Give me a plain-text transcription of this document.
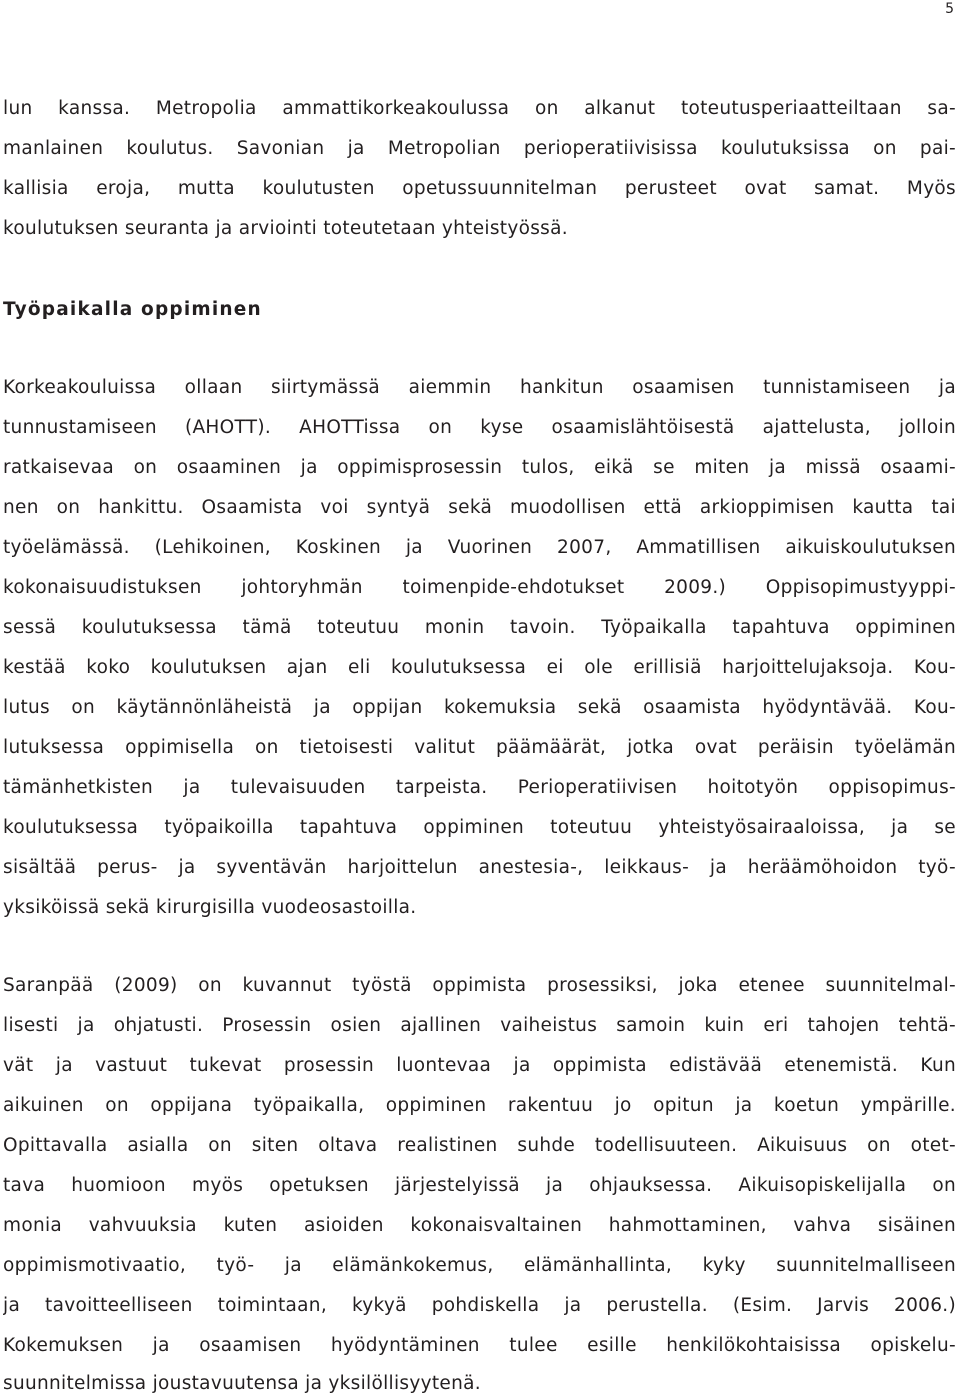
5
lun kanssa. Metropolia ammattikorkeakoulussa on alkanut toteutusperiaatteiltaan sa-
manlainen koulutus. Savonian ja Metropolian perioperatiivisissa koulutuksissa on pai-
kallisia eroja, mutta koulutusten opetussuunnitelman perusteet ovat samat. Myös
koulutuksen seuranta ja arviointi toteutetaan yhteistyössä.
Työpaikalla oppiminen
Korkeakouluissa ollaan siirtymässä aiemmin hankitun osaamisen tunnistamiseen ja
tunnustamiseen (AHOTT). AHOTTissa on kyse osaamislähtöisestä ajattelusta, jolloin
ratkaisevaa on osaaminen ja oppimisprosessin tulos, eikä se miten ja missä osaami-
nen on hankittu. Osaamista voi syntyä sekä muodollisen että arkioppimisen kautta tai
työelämässä. (Lehikoinen, Koskinen ja Vuorinen 2007, Ammatillisen aikuiskoulutuksen
kokonaisuudistuksen johtoryhmän toimenpide-ehdotukset 2009.) Oppisopimustyyppi-
sessä koulutuksessa tämä toteutuu monin tavoin. Työpaikalla tapahtuva oppiminen
kestää koko koulutuksen ajan eli koulutuksessa ei ole erillisiä harjoittelujaksoja. Kou-
lutus on käytännönläheistä ja oppijan kokemuksia sekä osaamista hyödyntävää. Kou-
lutuksessa oppimisella on tietoisesti valitut päämäärät, jotka ovat peräisin työelämän
tämänhetkisten ja tulevaisuuden tarpeista. Perioperatiivisen hoitotyön oppisopimus-
koulutuksessa työpaikoilla tapahtuva oppiminen toteutuu yhteistyösairaaloissa, ja se
sisältää perus- ja syventävän harjoittelun anestesia-, leikkaus- ja heräämöhoidon työ-
yksiköissä sekä kirurgisilla vuodeosastoilla.
Saranpää (2009) on kuvannut työstä oppimista prosessiksi, joka etenee suunnitelmal-
lisesti ja ohjatusti. Prosessin osien ajallinen vaiheistus samoin kuin eri tahojen tehtä-
vät ja vastuut tukevat prosessin luontevaa ja oppimista edistävää etenemistä. Kun
aikuinen on oppijana työpaikalla, oppiminen rakentuu jo opitun ja koetun ympärille.
Opittavalla asialla on siten oltava realistinen suhde todellisuuteen. Aikuisuus on otet-
tava huomioon myös opetuksen järjestelyissä ja ohjauksessa. Aikuisopiskelijalla on
monia vahvuuksia kuten asioiden kokonaisvaltainen hahmottaminen, vahva sisäinen
oppimismotivaatio, työ- ja elämänkokemus, elämänhallinta, kyky suunnitelmalliseen
ja tavoitteelliseen toimintaan, kykyä pohdiskella ja perustella. (Esim. Jarvis 2006.)
Kokemuksen ja osaamisen hyödyntäminen tulee esille henkilökohtaisissa opiskelu-
suunnitelmissa joustavuutensa ja yksilöllisyytenä.
